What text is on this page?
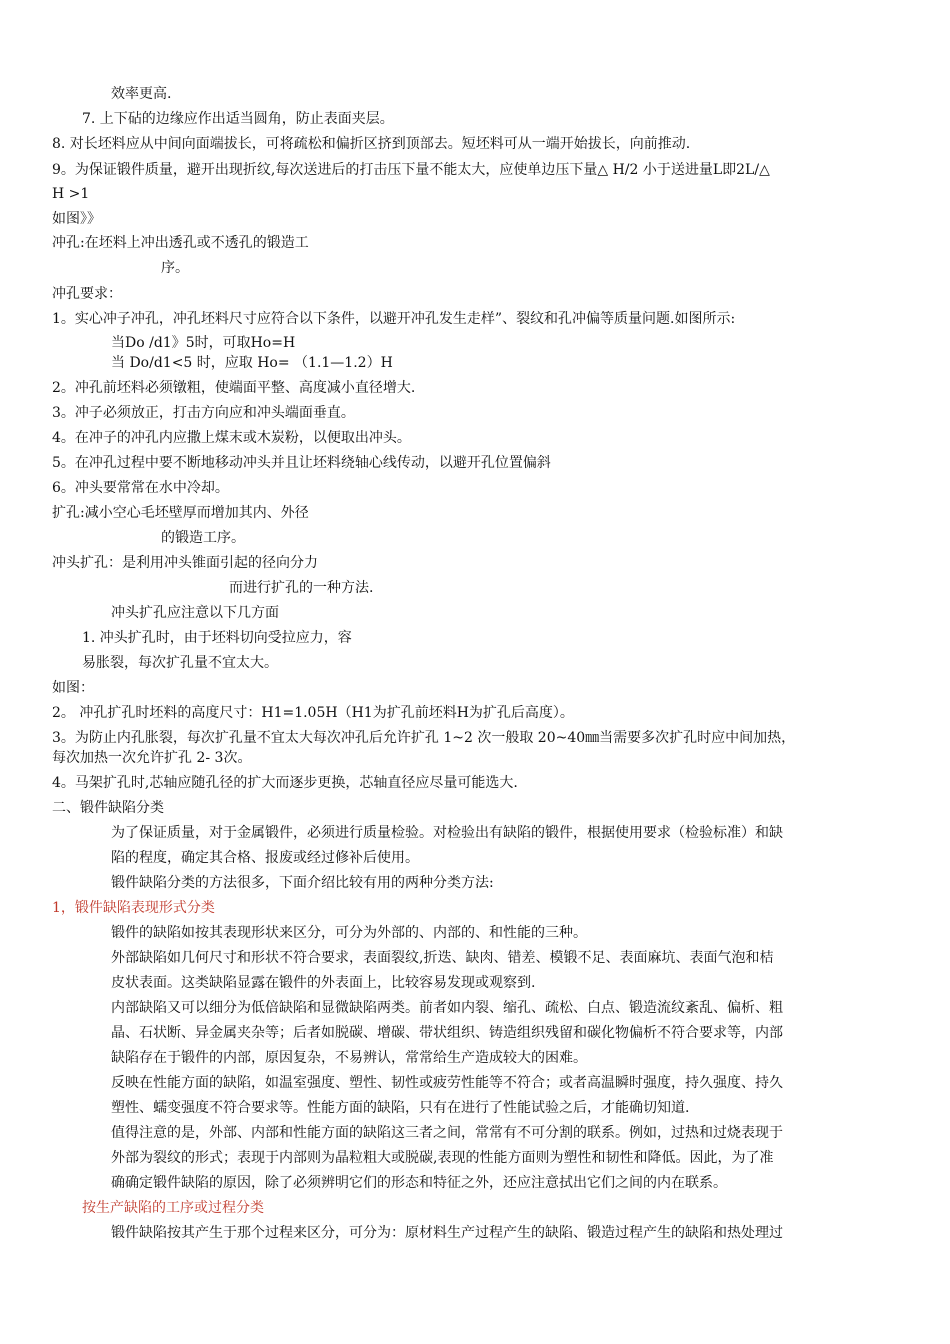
效率更高.
7. 上下砧的边缘应作出适当圆角，防止表面夹层。
8. 对长坯料应从中间向面端拔长，可将疏松和偏折区挤到顶部去。短坯料可从一端开始拔长，向前推动.
9。为保证锻件质量，避开出现折纹,每次送进后的打击压下量不能太大，应使单边压下量△ H/2 小于送进量L即2L/△
H >1
如图》》
冲孔:在坯料上冲出透孔或不透孔的锻造工
序。
冲孔要求：
1。实心冲子冲孔，冲孔坯料尺寸应符合以下条件，以避开冲孔发生走样”、裂纹和孔冲偏等质量问题.如图所示:
当Do /d1》5时，可取Ho=H
当 Do/d1<5 时，应取 Ho= （1.1—1.2）H
2。冲孔前坯料必须镦粗，使端面平整、高度减小直径增大.
3。冲子必须放正，打击方向应和冲头端面垂直。
4。在冲子的冲孔内应撒上煤末或木炭粉，以便取出冲头。
5。在冲孔过程中要不断地移动冲头并且让坯料绕轴心线传动，以避开孔位置偏斜
6。冲头要常常在水中冷却。
扩孔:减小空心毛坯壁厚而增加其内、外径
的锻造工序。
冲头扩孔：是利用冲头锥面引起的径向分力
而进行扩孔的一种方法.
冲头扩孔应注意以下几方面
1. 冲头扩孔时，由于坯料切向受拉应力，容
易胀裂，每次扩孔量不宜太大。
如图：
2。 冲孔扩孔时坯料的高度尺寸：H1=1.05H（H1为扩孔前坯料H为扩孔后高度）。
3。为防止内孔胀裂，每次扩孔量不宜太大每次冲孔后允许扩孔 1~2 次一般取 20~40㎜当需要多次扩孔时应中间加热，
每次加热一次允许扩孔 2- 3次。
4。马架扩孔时,芯轴应随孔径的扩大而逐步更换，芯轴直径应尽量可能选大.
二、锻件缺陷分类
为了保证质量，对于金属锻件，必须进行质量检验。对检验出有缺陷的锻件，根据使用要求（检验标准）和缺
陷的程度，确定其合格、报废或经过修补后使用。
锻件缺陷分类的方法很多，下面介绍比较有用的两种分类方法:
1，锻件缺陷表现形式分类
锻件的缺陷如按其表现形状来区分，可分为外部的、内部的、和性能的三种。
外部缺陷如几何尺寸和形状不符合要求，表面裂纹,折迭、缺肉、错差、模锻不足、表面麻坑、表面气泡和桔
皮状表面。这类缺陷显露在锻件的外表面上，比较容易发现或观察到.
内部缺陷又可以细分为低倍缺陷和显微缺陷两类。前者如内裂、缩孔、疏松、白点、锻造流纹紊乱、偏析、粗
晶、石状断、异金属夹杂等；后者如脱碳、增碳、带状组织、铸造组织残留和碳化物偏析不符合要求等，内部
缺陷存在于锻件的内部，原因复杂，不易辨认，常常给生产造成较大的困难。
反映在性能方面的缺陷，如温室强度、塑性、韧性或疲劳性能等不符合；或者高温瞬时强度，持久强度、持久
塑性、蠕变强度不符合要求等。性能方面的缺陷，只有在进行了性能试验之后，才能确切知道.
值得注意的是，外部、内部和性能方面的缺陷这三者之间，常常有不可分割的联系。例如，过热和过烧表现于
外部为裂纹的形式；表现于内部则为晶粒粗大或脱碳,表现的性能方面则为塑性和韧性和降低。因此，为了准
确确定锻件缺陷的原因，除了必须辨明它们的形态和特征之外，还应注意拭出它们之间的内在联系。
按生产缺陷的工序或过程分类
锻件缺陷按其产生于那个过程来区分，可分为：原材料生产过程产生的缺陷、锻造过程产生的缺陷和热处理过
